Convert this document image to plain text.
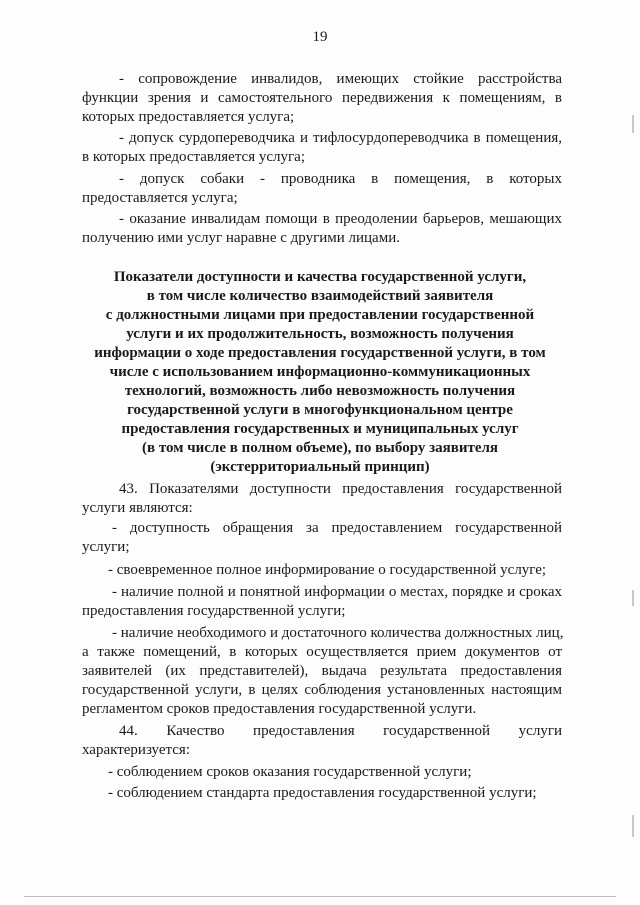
19
- сопровождение инвалидов, имеющих стойкие расстройства
функции зрения и самостоятельного передвижения к помещениям, в
которых предоставляется услуга;
- допуск сурдопереводчика и тифлосурдопереводчика в помещения,
в которых предоставляется услуга;
- допуск собаки - проводника в помещения, в которых
предоставляется услуга;
- оказание инвалидам помощи в преодолении барьеров, мешающих
получению ими услуг наравне с другими лицами.
Показатели доступности и качества государственной услуги,
в том числе количество взаимодействий заявителя
с должностными лицами при предоставлении государственной
услуги и их продолжительность, возможность получения
информации о ходе предоставления государственной услуги, в том
числе с использованием информационно-коммуникационных
технологий, возможность либо невозможность получения
государственной услуги в многофункциональном центре
предоставления государственных и муниципальных услуг
(в том числе в полном объеме), по выбору заявителя
(экстерриториальный принцип)
43. Показателями доступности предоставления государственной
услуги являются:
- доступность обращения за предоставлением государственной
услуги;
- своевременное полное информирование о государственной услуге;
- наличие полной и понятной информации о местах, порядке и сроках
предоставления государственной услуги;
- наличие необходимого и достаточного количества должностных лиц,
а также помещений, в которых осуществляется прием документов от
заявителей (их представителей), выдача результата предоставления
государственной услуги, в целях соблюдения установленных настоящим
регламентом сроков предоставления государственной услуги.
44. Качество предоставления государственной услуги
характеризуется:
- соблюдением сроков оказания государственной услуги;
- соблюдением стандарта предоставления государственной услуги;
